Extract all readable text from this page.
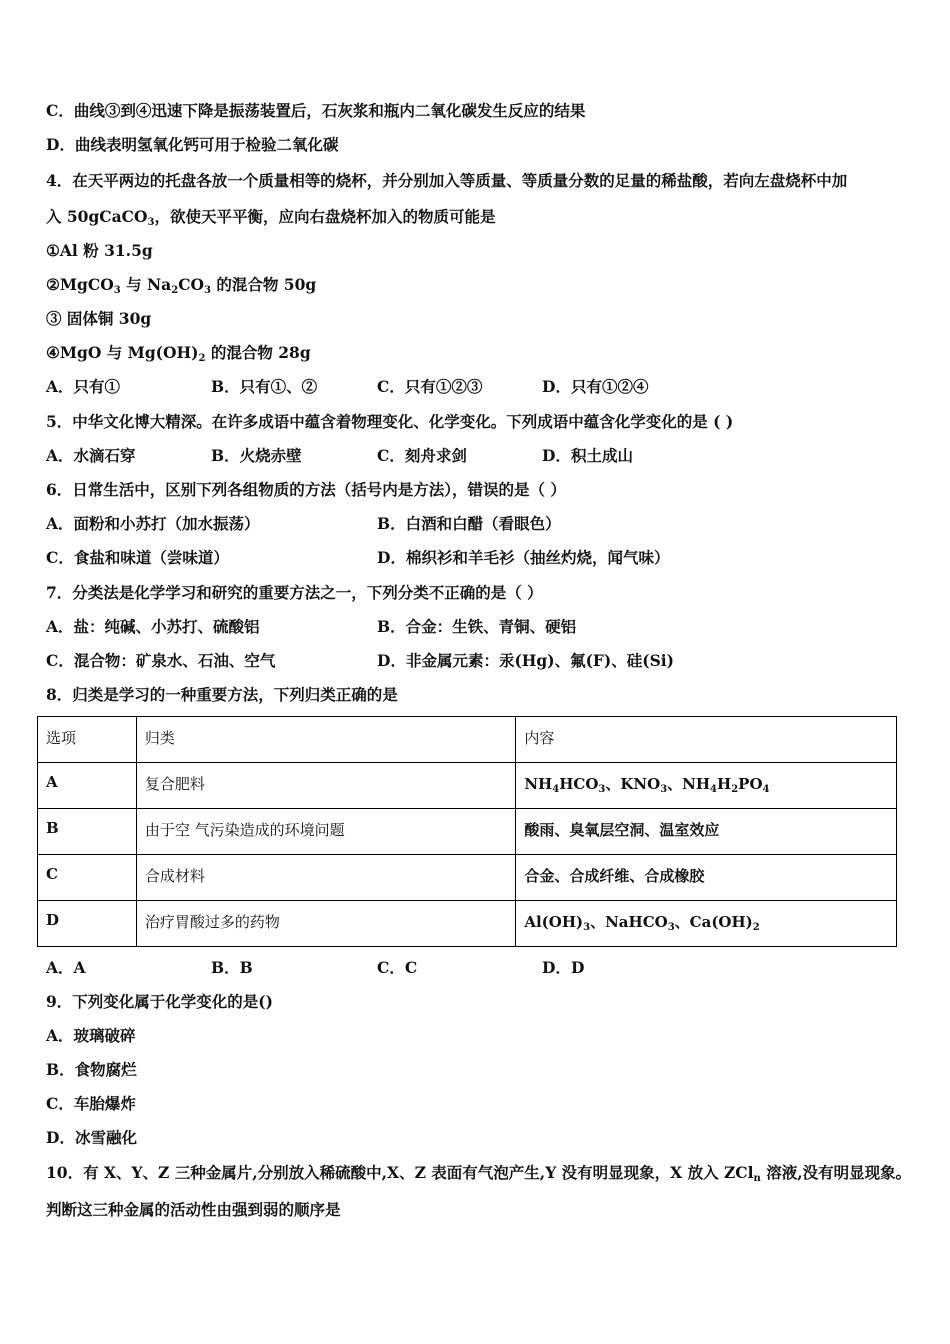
C．曲线③到④迅速下降是振荡装置后，石灰浆和瓶内二氧化碳发生反应的结果
D．曲线表明氢氧化钙可用于检验二氧化碳
4．在天平两边的托盘各放一个质量相等的烧杯，并分别加入等质量、等质量分数的足量的稀盐酸，若向左盘烧杯中加
入 50gCaCO$_3$，欲使天平平衡，应向右盘烧杯加入的物质可能是
①Al 粉 31.5g
②MgCO$_3$ 与 $Na_2CO_3$ 的混合物 50g
③ 固体铜 30g
④MgO 与 $Mg(OH)_2$ 的混合物 28g
A．只有①	B．只有①、②	C．只有①②③	D．只有①②④
5．中华文化博大精深。在许多成语中蕴含着物理变化、化学变化。下列成语中蕴含化学变化的是 ( )
A．水滴石穿	B．火烧赤壁	C．刻舟求剑	D．积土成山
6．日常生活中，区别下列各组物质的方法（括号内是方法），错误的是（ ）
A．面粉和小苏打（加水振荡）	B．白酒和白醋（看眼色）
C．食盐和味道（尝味道）	D．棉织衫和羊毛衫（抽丝灼烧，闻气味）
7．分类法是化学学习和研究的重要方法之一，下列分类不正确的是（ ）
A．盐：纯碱、小苏打、硫酸铝	B．合金：生铁、青铜、硬铝
C．混合物：矿泉水、石油、空气	D．非金属元素：汞(Hg)、氟(F)、硅(Si)
8．归类是学习的一种重要方法，下列归类正确的是
选项	归类	内容
A	复合肥料	$NH_4HCO_3$、$KNO_3$、$NH_4H_2PO_4$
B	由于空 气污染造成的环境问题	酸雨、臭氧层空洞、温室效应
C	合成材料	合金、合成纤维、合成橡胶
D	治疗胃酸过多的药物	$Al(OH)_3$、NaHCO$_3$、$Ca(OH)_2$
A．A	B．B	C．C	D．D
9．下列变化属于化学变化的是()
A．玻璃破碎
B．食物腐烂
C．车胎爆炸
D．冰雪融化
10．有 X、Y、Z 三种金属片,分别放入稀硫酸中,X、Z 表面有气泡产生,Y 没有明显现象，X 放入 ZCl$_n$ 溶液,没有明显现象。
判断这三种金属的活动性由强到弱的顺序是
